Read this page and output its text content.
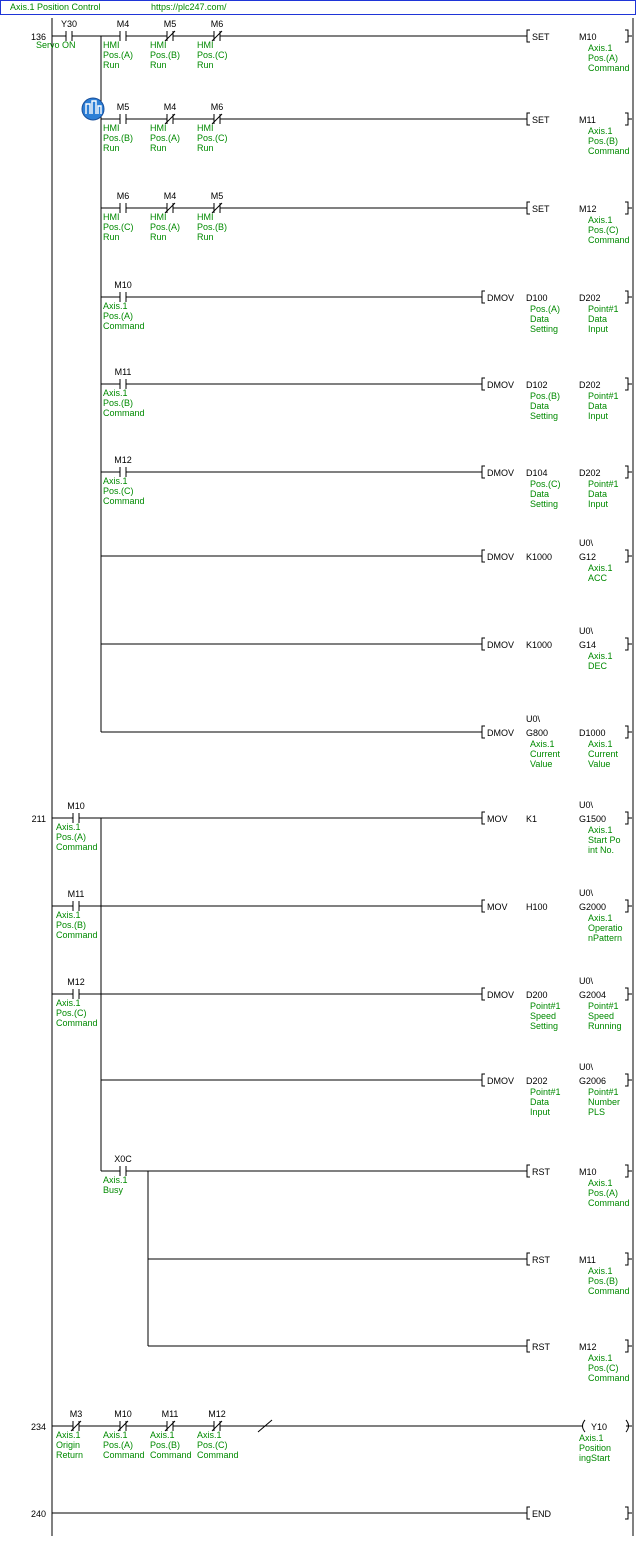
136
211
234
240
Y30
Servo ON
M4
HMI
Pos.(A)
Run
M5
HMI
Pos.(B)
Run
M6
HMI
Pos.(C)
Run
M5
HMI
Pos.(B)
Run
M4
HMI
Pos.(A)
Run
M6
HMI
Pos.(C)
Run
M6
HMI
Pos.(C)
Run
M4
HMI
Pos.(A)
Run
M5
HMI
Pos.(B)
Run
M10
Axis.1
Pos.(A)
Command
M11
Axis.1
Pos.(B)
Command
M12
Axis.1
Pos.(C)
Command
M10
Axis.1
Pos.(A)
Command
M11
Axis.1
Pos.(B)
Command
M12
Axis.1
Pos.(C)
Command
X0C
Axis.1
Busy
M3
Axis.1
Origin
Return
M10
Axis.1
Pos.(A)
Command
M11
Axis.1
Pos.(B)
Command
M12
Axis.1
Pos.(C)
Command
SET	M10
Axis.1
Pos.(A)
Command
SET	M11
Axis.1
Pos.(B)
Command
SET	M12
Axis.1
Pos.(C)
Command
DMOV D100
Pos.(A)
Data
Setting
D202
Point#1
Data
Input
DMOV D102
Pos.(B)
Data
Setting
D202
Point#1
Data
Input
DMOV D104
Pos.(C)
Data
Setting
D202
Point#1
Data
Input
DMOV K1000
U0\
G12
Axis.1
ACC
DMOV K1000
U0\
G14
Axis.1
DEC
DMOV
U0\
G800
Axis.1
Current
Value
D1000
Axis.1
Current
Value
MOV K1
U0\
G1500
Axis.1
Start Po
int No.
MOV H100
U0\
G2000
Axis.1
Operatio
nPattern
DMOV D200
Point#1
Speed
Setting
U0\
G2004
Point#1
Speed
Running
DMOV D202
Point#1
Data
Input
U0\
G2006
Point#1
Number
PLS
RST	M10
Axis.1
Pos.(A)
Command
RST	M11
Axis.1
Pos.(B)
Command
RST	M12
Axis.1
Pos.(C)
Command
Y10
Axis.1
Position
ingStart
END
Axis.1 Position Control	https://plc247.com/
